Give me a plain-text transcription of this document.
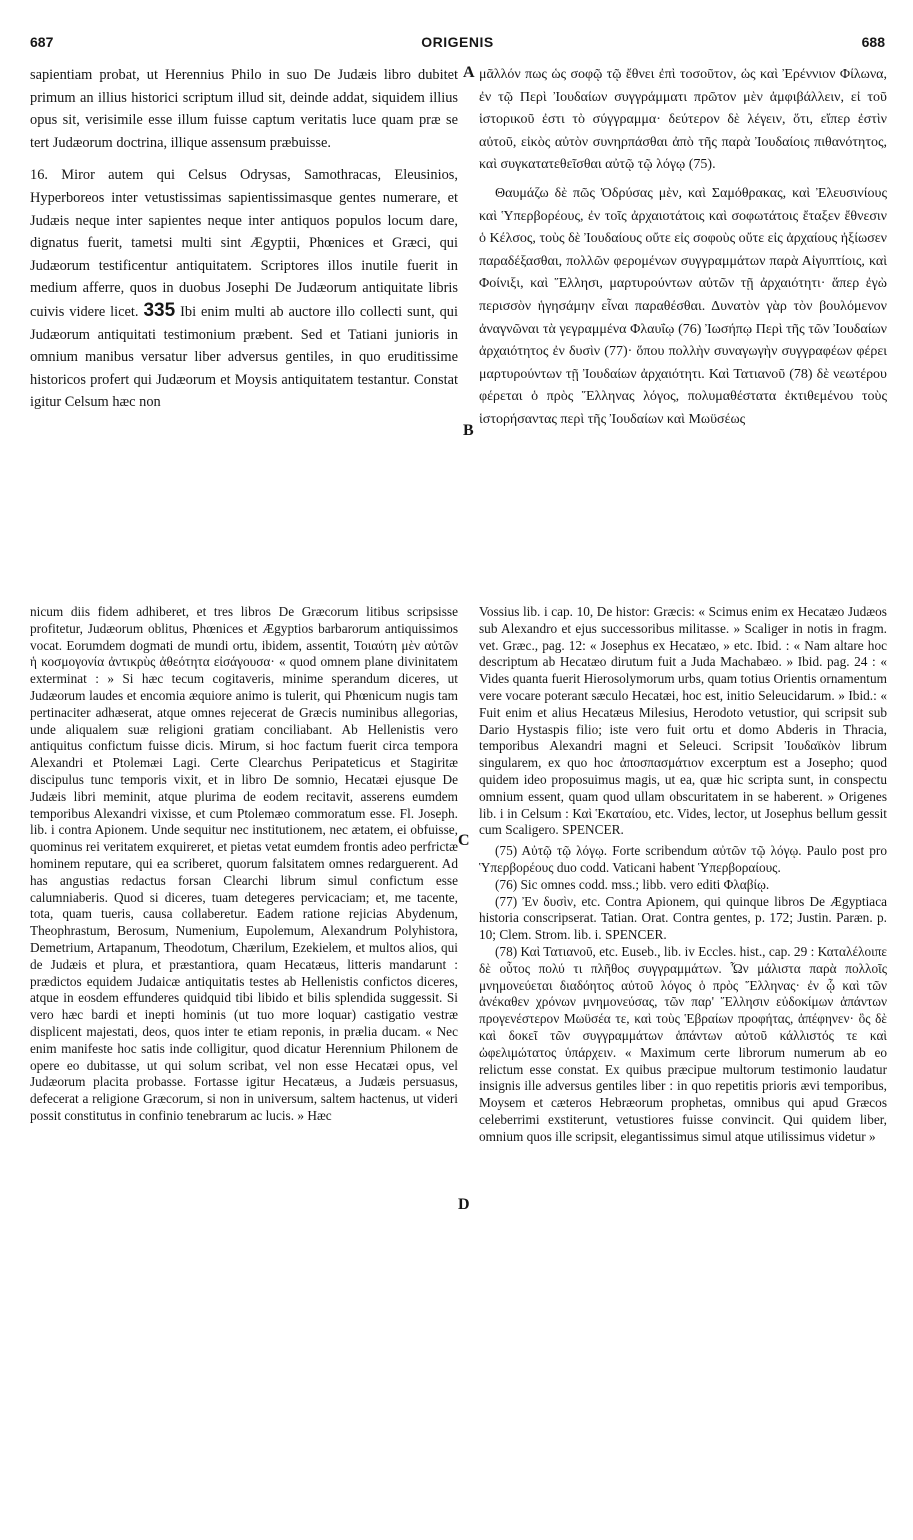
687	ORIGENIS	688

sapientiam probat, ut Herennius Philo in suo De Judæis libro dubitet primum an illius historici scriptum illud sit, deinde addat, siquidem illius opus sit, verisimile esse illum fuisse captum veritatis luce quam præ se tert Judæorum doctrina, illique assensum præbuisse.

16. Miror autem qui Celsus Odrysas, Samothracas, Eleusinios, Hyperboreos inter vetustissimas sapientissimasque gentes numerare, et Judæis neque inter sapientes neque inter antiquos populos locum dare, dignatus fuerit, tametsi multi sint Ægyptii, Phœnices et Græci, qui Judæorum testificentur antiquitatem. Scriptores illos inutile fuerit in medium afferre, quos in duobus Josephi De Judæorum antiquitate libris cuivis videre licet. 335 Ibi enim multi ab auctore illo collecti sunt, qui Judæorum antiquitati testimonium præbent. Sed et Tatiani junioris in omnium manibus versatur liber adversus gentiles, in quo eruditissime historicos profert qui Judæorum et Moysis antiquitatem testantur. Constat igitur Celsum hæc non

A
B

μᾶλλόν πως ὡς σοφῷ τῷ ἔθνει ἐπὶ τοσοῦτον, ὡς καὶ Ἐρέννιον Φίλωνα, ἐν τῷ Περὶ Ἰουδαίων συγγράμματι πρῶτον μὲν ἀμφιβάλλειν, εἰ τοῦ ἱστορικοῦ ἐστι τὸ σύγγραμμα· δεύτερον δὲ λέγειν, ὅτι, εἴπερ ἐστὶν αὐτοῦ, εἰκὸς αὐτὸν συνηρπάσθαι ἀπὸ τῆς παρὰ Ἰουδαίοις πιθανότητος, καὶ συγκατατεθεῖσθαι αὐτῷ τῷ λόγῳ (75).

Θαυμάζω δὲ πῶς Ὀδρύσας μὲν, καὶ Σαμόθρακας, καὶ Ἐλευσινίους καὶ Ὑπερβορέους, ἐν τοῖς ἀρχαιοτάτοις καὶ σοφωτάτοις ἔταξεν ἔθνεσιν ὁ Κέλσος, τοὺς δὲ Ἰουδαίους οὔτε εἰς σοφοὺς οὔτε εἰς ἀρχαίους ἠξίωσεν παραδέξασθαι, πολλῶν φερομένων συγγραμμάτων παρὰ Αἰγυπτίοις, καὶ Φοίνιξι, καὶ Ἕλλησι, μαρτυρούντων αὐτῶν τῇ ἀρχαιότητι· ἅπερ ἐγὼ περισσὸν ἡγησάμην εἶναι παραθέσθαι. Δυνατὸν γὰρ τὸν βουλόμενον ἀναγνῶναι τὰ γεγραμμένα Φλαυΐῳ (76) Ἰωσήπῳ Περὶ τῆς τῶν Ἰουδαίων ἀρχαιότητος ἐν δυσὶν (77)· ὅπου πολλὴν συναγωγὴν συγγραφέων φέρει μαρτυρούντων τῇ Ἰουδαίων ἀρχαιότητι. Καὶ Τατιανοῦ (78) δὲ νεωτέρου φέρεται ὁ πρὸς Ἕλληνας λόγος, πολυμαθέστατα ἐκτιθεμένου τοὺς ἱστορήσαντας περὶ τῆς Ἰουδαίων καὶ Μωϋσέως

nicum diis fidem adhiberet, et tres libros De Græcorum litibus scripsisse profitetur, Judæorum oblitus, Phœnices et Ægyptios barbarorum antiquissimos vocat. Eorumdem dogmati de mundi ortu, ibidem, assentit, Τοιαύτη μὲν αὐτῶν ἡ κοσμογονία ἀντικρὺς ἀθεότητα εἰσάγουσα· « quod omnem plane divinitatem exterminat : » Si hæc tecum cogitaveris, minime sperandum diceres, ut Judæorum laudes et encomia æquiore animo is tulerit, qui Phœnicum nugis tam pertinaciter adhæserat, atque omnes rejecerat de Græcis numinibus allegorias, unde aliqualem suæ religioni gratiam conciliabant. Ab Hellenistis vero antiquitus confictum fuisse dicis. Mirum, si hoc factum fuerit circa tempora Alexandri et Ptolemæi Lagi. Certe Clearchus Peripateticus et Stagiritæ discipulus tunc temporis vixit, et in libro De somnio, Hecatæi ejusque De Judæis libri meminit, atque plurima de eodem recitavit, asserens eumdem temporibus Alexandri vixisse, et cum Ptolemæo commoratum esse. Fl. Joseph. lib. i contra Apionem. Unde sequitur nec institutionem, nec ætatem, ei obfuisse, quominus rei veritatem exquireret, et pietas vetat eumdem frontis adeo perfrictæ hominem reputare, qui ea scriberet, quorum falsitatem omnes redarguerent. Ad has angustias redactus forsan Clearchi librum simul confictum esse calumniaberis. Quod si diceres, tuam detegeres pervicaciam; et, me tacente, tota, quam tueris, causa collaberetur. Eadem ratione rejicias Abydenum, Theophrastum, Berosum, Numenium, Eupolemum, Alexandrum Polyhistora, Demetrium, Artapanum, Theodotum, Chærilum, Ezekielem, et multos alios, qui de Judæis et plura, et præstantiora, quam Hecatæus, litteris mandarunt : prædictos equidem Judaicæ antiquitatis testes ab Hellenistis confictos diceres, atque in eosdem effunderes quidquid tibi libido et bilis splendida suggessit. Si vero hæc bardi et inepti hominis (ut tuo more loquar) castigatio vestræ displicent majestati, deos, quos inter te etiam reponis, in prælia ducam. « Nec enim manifeste hoc satis inde colligitur, quod dicatur Herennium Philonem de opere eo dubitasse, ut qui solum scribat, vel non esse Hecatæi opus, vel Judæorum placita probasse. Fortasse igitur Hecatæus, a Judæis persuasus, defecerat a religione Græcorum, si non in universum, saltem hactenus, ut videri possit constitutus in confinio tenebrarum ac lucis. » Hæc

C
D

Vossius lib. i cap. 10, De histor: Græcis: « Scimus enim ex Hecatæo Judæos sub Alexandro et ejus successoribus militasse. » Scaliger in notis in fragm. vet. Græc., pag. 12: « Josephus ex Hecatæo, » etc. Ibid. : « Nam altare hoc descriptum ab Hecatæo dirutum fuit a Juda Machabæo. » Ibid. pag. 24 : « Vides quanta fuerit Hierosolymorum urbs, quam totius Orientis ornamentum vere vocare poterant sæculo Hecatæi, hoc est, initio Seleucidarum. » Ibid.: « Fuit enim et alius Hecatæus Milesius, Herodoto vetustior, qui scripsit sub Dario Hystaspis filio; iste vero fuit ortu et domo Abderis in Thracia, temporibus Alexandri magni et Seleuci. Scripsit Ἰουδαϊκὸν librum singularem, ex quo hoc ἀποσπασμάτιον excerptum est a Josepho; quod quidem ideo proposuimus magis, ut ea, quæ hic scripta sunt, in conspectu omnium essent, quam quod ullam obscuritatem in se haberent. » Origenes lib. i in Celsum : Καὶ Ἑκαταίου, etc. Vides, lector, ut Josephus bellum gessit cum Scaligero. SPENCER.

(75) Αὐτῷ τῷ λόγῳ. Forte scribendum αὐτῶν τῷ λόγῳ. Paulo post pro Ὑπερβορέους duo codd. Vaticani habent Ὑπερβοραίους.

(76) Sic omnes codd. mss.; libb. vero editi Φλαβίῳ.

(77) Ἐν δυσὶν, etc. Contra Apionem, qui quinque libros De Ægyptiaca historia conscripserat. Tatian. Orat. Contra gentes, p. 172; Justin. Paræn. p. 10; Clem. Strom. lib. i. SPENCER.

(78) Καὶ Τατιανοῦ, etc. Euseb., lib. iv Eccles. hist., cap. 29 : Καταλέλοιπε δὲ οὗτος πολύ τι πλῆθος συγγραμμάτων. Ὧν μάλιστα παρὰ πολλοῖς μνημονεύεται διαδόητος αὐτοῦ λόγος ὁ πρὸς Ἕλληνας· ἐν ᾧ καὶ τῶν ἀνέκαθεν χρόνων μνημονεύσας, τῶν παρ' Ἕλλησιν εὐδοκίμων ἁπάντων προγενέστερον Μωϋσέα τε, καὶ τοὺς Ἑβραίων προφήτας, ἀπέφηνεν· ὃς δὲ καὶ δοκεῖ τῶν συγγραμμάτων ἁπάντων αὐτοῦ κάλλιστός τε καὶ ὠφελιμώτατος ὑπάρχειν. « Maximum certe librorum numerum ab eo relictum esse constat. Ex quibus præcipue multorum testimonio laudatur insignis ille adversus gentiles liber : in quo repetitis prioris ævi temporibus, Moysem et cæteros Hebræorum prophetas, omnibus qui apud Græcos celeberrimi exstiterunt, vetustiores fuisse convincit. Qui quidem liber, omnium quos ille scripsit, elegantissimus simul atque utilissimus videtur »
